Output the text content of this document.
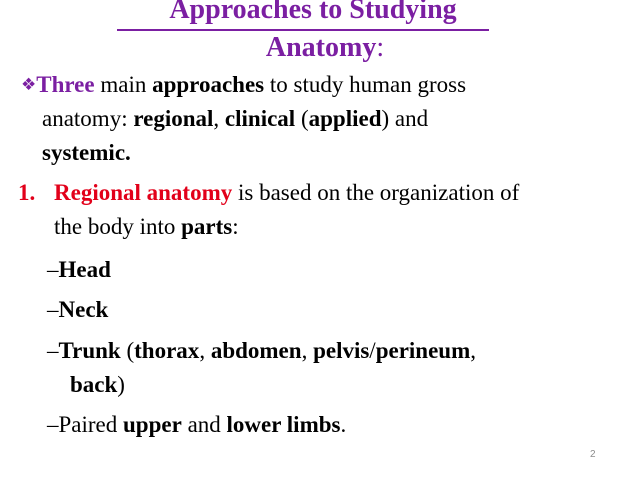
Approaches to Studying
Anatomy:
❖Three main approaches to study human gross
anatomy: regional, clinical (applied) and
systemic.
1. Regional anatomy is based on the organization of
the body into parts:
–Head
–Neck
–Trunk (thorax, abdomen, pelvis/perineum,
back)
–Paired upper and lower limbs.
2
